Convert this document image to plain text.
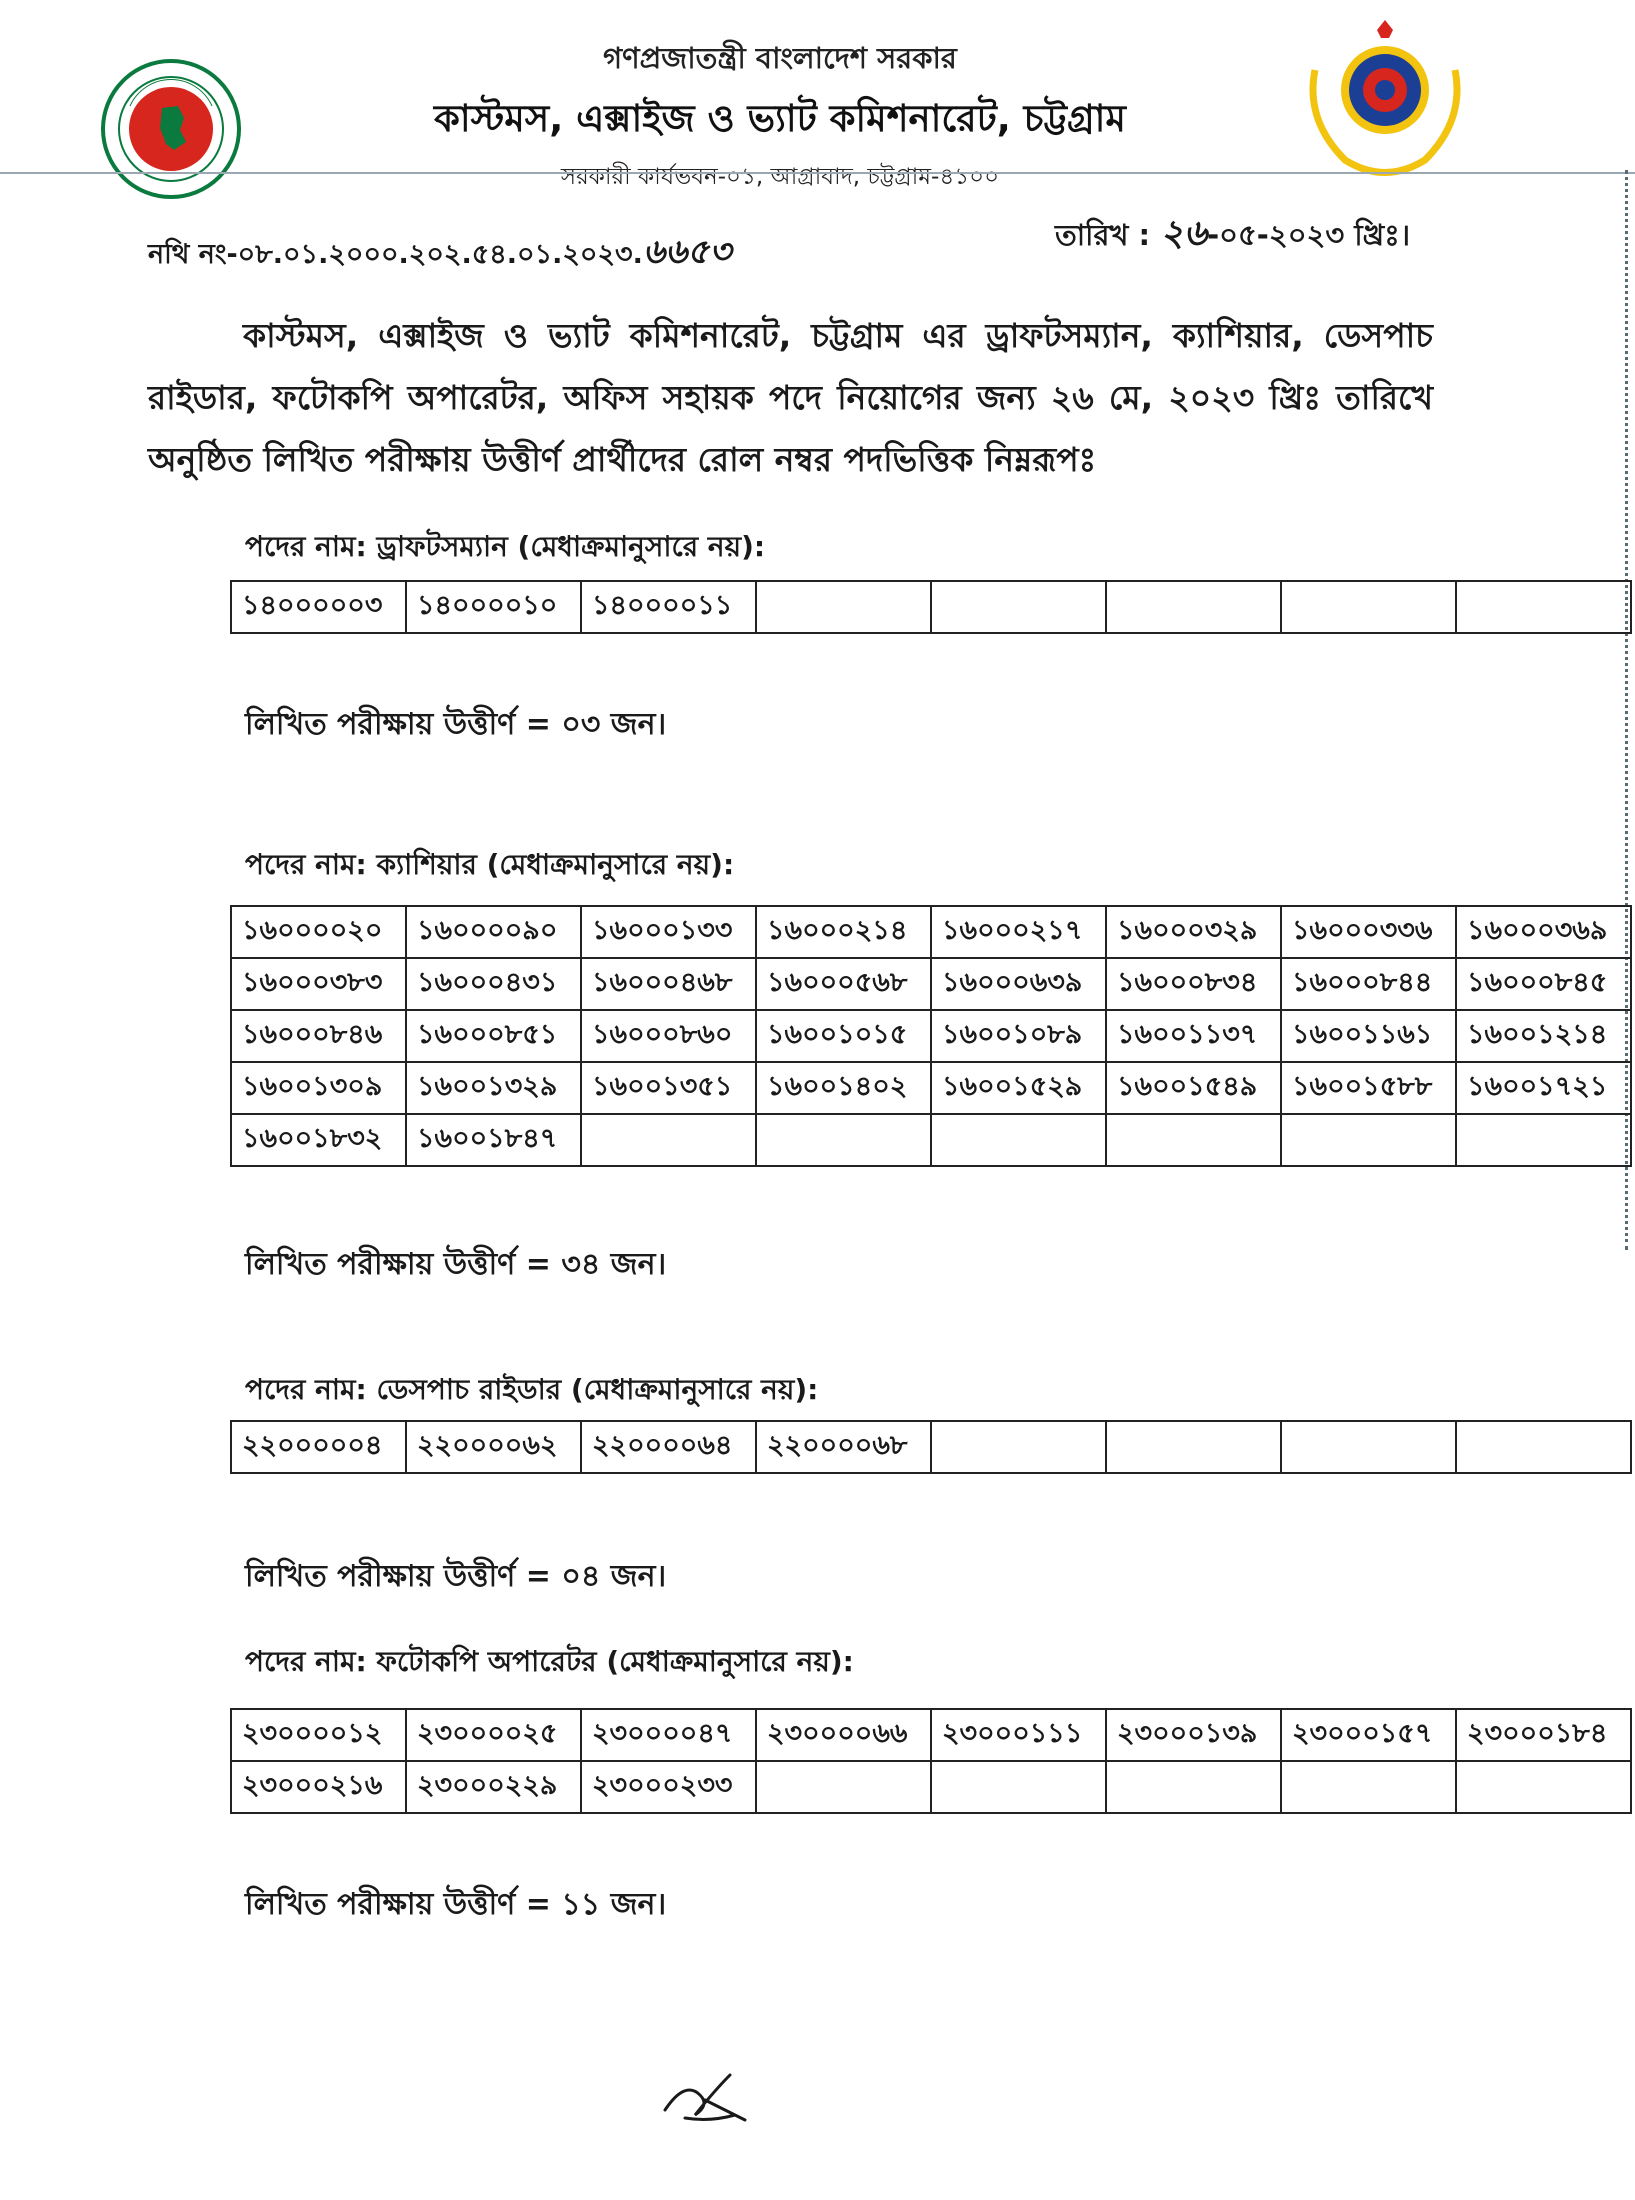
গণপ্রজাতন্ত্রী বাংলাদেশ সরকার
কাস্টমস, এক্সাইজ ও ভ্যাট কমিশনারেট, চট্টগ্রাম
সরকারী কার্যভবন-০১, আগ্রাবাদ, চট্টগ্রাম-৪১০০
নথি নং-০৮.০১.২০০০.২০২.৫৪.০১.২০২৩.৬৬৫৩	তারিখ : ২৬-০৫-২০২৩ খ্রিঃ।
কাস্টমস, এক্সাইজ ও ভ্যাট কমিশনারেট, চট্টগ্রাম এর ড্রাফটসম্যান, ক্যাশিয়ার, ডেসপাচ রাইডার, ফটোকপি অপারেটর, অফিস সহায়ক পদে নিয়োগের জন্য ২৬ মে, ২০২৩ খ্রিঃ তারিখে অনুষ্ঠিত লিখিত পরীক্ষায় উত্তীর্ণ প্রার্থীদের রোল নম্বর পদভিত্তিক নিম্নরূপঃ
পদের নাম: ড্রাফটসম্যান (মেধাক্রমানুসারে নয়):
১৪০০০০০৩	১৪০০০০১০	১৪০০০০১১					
লিখিত পরীক্ষায় উত্তীর্ণ = ০৩ জন।
পদের নাম: ক্যাশিয়ার (মেধাক্রমানুসারে নয়):
১৬০০০০২০	১৬০০০০৯০	১৬০০০১৩৩	১৬০০০২১৪	১৬০০০২১৭	১৬০০০৩২৯	১৬০০০৩৩৬	১৬০০০৩৬৯
১৬০০০৩৮৩	১৬০০০৪৩১	১৬০০০৪৬৮	১৬০০০৫৬৮	১৬০০০৬৩৯	১৬০০০৮৩৪	১৬০০০৮৪৪	১৬০০০৮৪৫
১৬০০০৮৪৬	১৬০০০৮৫১	১৬০০০৮৬০	১৬০০১০১৫	১৬০০১০৮৯	১৬০০১১৩৭	১৬০০১১৬১	১৬০০১২১৪
১৬০০১৩০৯	১৬০০১৩২৯	১৬০০১৩৫১	১৬০০১৪০২	১৬০০১৫২৯	১৬০০১৫৪৯	১৬০০১৫৮৮	১৬০০১৭২১
১৬০০১৮৩২	১৬০০১৮৪৭						
লিখিত পরীক্ষায় উত্তীর্ণ = ৩৪ জন।
পদের নাম: ডেসপাচ রাইডার (মেধাক্রমানুসারে নয়):
২২০০০০০৪	২২০০০০৬২	২২০০০০৬৪	২২০০০০৬৮				
লিখিত পরীক্ষায় উত্তীর্ণ = ০৪ জন।
পদের নাম: ফটোকপি অপারেটর (মেধাক্রমানুসারে নয়):
২৩০০০০১২	২৩০০০০২৫	২৩০০০০৪৭	২৩০০০০৬৬	২৩০০০১১১	২৩০০০১৩৯	২৩০০০১৫৭	২৩০০০১৮৪
২৩০০০২১৬	২৩০০০২২৯	২৩০০০২৩৩					
লিখিত পরীক্ষায় উত্তীর্ণ = ১১ জন।
